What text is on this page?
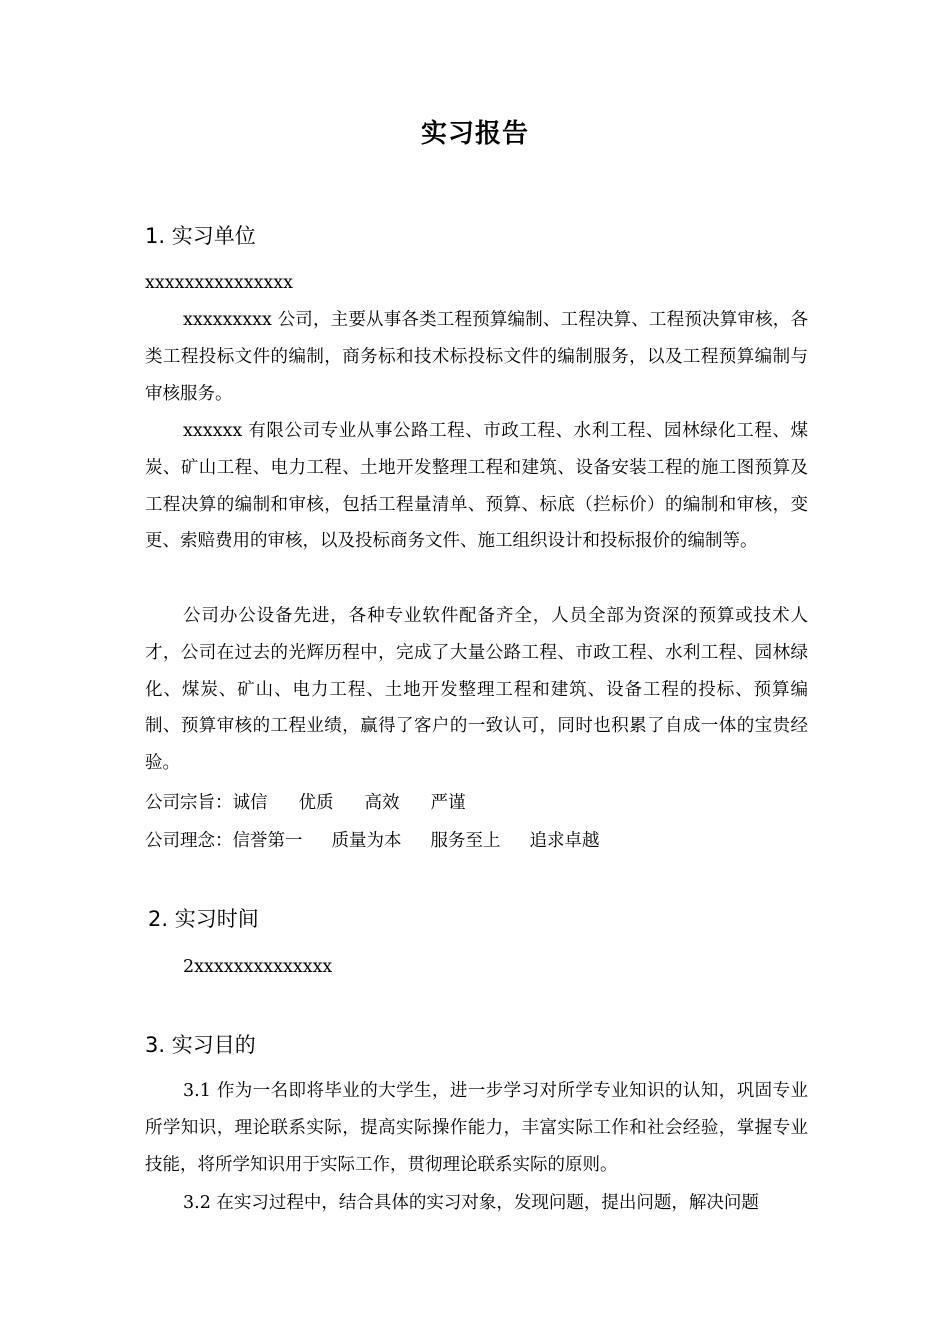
实习报告
1. 实习单位
xxxxxxxxxxxxxxx
xxxxxxxxx 公司，主要从事各类工程预算编制、工程决算、工程预决算审核，各类工程投标文件的编制，商务标和技术标投标文件的编制服务，以及工程预算编制与审核服务。
xxxxxx 有限公司专业从事公路工程、市政工程、水利工程、园林绿化工程、煤炭、矿山工程、电力工程、土地开发整理工程和建筑、设备安装工程的施工图预算及工程决算的编制和审核，包括工程量清单、预算、标底（拦标价）的编制和审核，变更、索赔费用的审核，以及投标商务文件、施工组织设计和投标报价的编制等。
公司办公设备先进，各种专业软件配备齐全，人员全部为资深的预算或技术人才，公司在过去的光辉历程中，完成了大量公路工程、市政工程、水利工程、园林绿化、煤炭、矿山、电力工程、土地开发整理工程和建筑、设备工程的投标、预算编制、预算审核的工程业绩，赢得了客户的一致认可，同时也积累了自成一体的宝贵经验。
公司宗旨：诚信 优质 高效 严谨
公司理念：信誉第一 质量为本 服务至上 追求卓越
2. 实习时间
2xxxxxxxxxxxxxx
3. 实习目的
3.1 作为一名即将毕业的大学生，进一步学习对所学专业知识的认知，巩固专业所学知识，理论联系实际，提高实际操作能力，丰富实际工作和社会经验，掌握专业技能，将所学知识用于实际工作，贯彻理论联系实际的原则。
3.2 在实习过程中，结合具体的实习对象，发现问题，提出问题，解决问题
